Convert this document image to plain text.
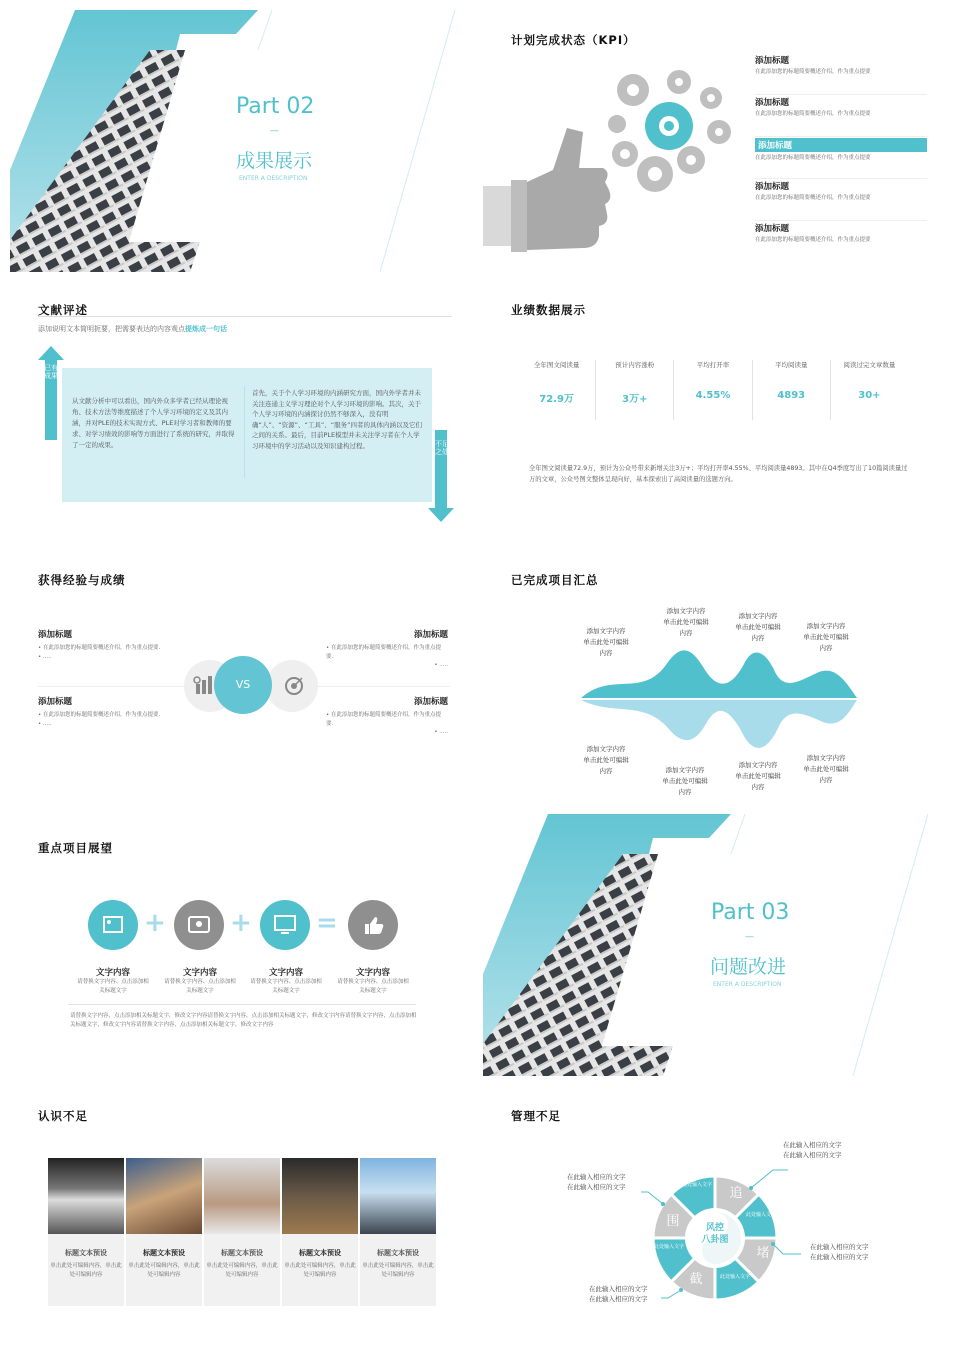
Part 02
—
成果展示
ENTER A DESCRIPTION
计划完成状态（KPI）
添加标题
在此添加您的标题简要概述介绍，作为重点提要
添加标题
在此添加您的标题简要概述介绍，作为重点提要
添加标题
在此添加您的标题简要概述介绍，作为重点提要
添加标题
在此添加您的标题简要概述介绍，作为重点提要
添加标题
在此添加您的标题简要概述介绍，作为重点提要
文献评述
添加说明文本简明扼要，把需要表达的内容观点提炼成一句话
已有成果
不足之处
从文献分析中可以看出，国内外众多学者已经从理论视角、技术方法等维度描述了个人学习环境的定义及其内涵，并对PLE的技术实现方式、PLE对学习者和教师的要求、对学习绩效的影响等方面进行了系统的研究，并取得了一定的成果。
首先，关于个人学习环境的内涵研究方面，国内外学者并未关注连通主义学习理论对个人学习环境的影响。其次，关于个人学习环境的内涵探讨仍然不够深入，没有明确“人”、“资源”、“工具”、“服务”四者的具体内涵以及它们之间的关系。最后，目前PLE模型并未关注学习者在个人学习环境中的学习活动以及知识建构过程。
业绩数据展示
全年图文阅读量
72.9万
预计内容涨粉
3万+
平均打开率
4.55%
平均阅读量
4893
阅读过完文章数量
30+
全年图文阅读量72.9万，预计为公众号带来新增关注3万+；平均打开率4.55%、平均阅读量4893。其中在Q4季度写出了10篇阅读量过万的文章，公众号图文整体呈现向好，基本探索出了高阅读量的选题方向。
获得经验与成绩
添加标题
• 在此添加您的标题简要概述介绍，作为重点提要.
• .....
添加标题
• 在此添加您的标题简要概述介绍，作为重点提要.
• .....
添加标题
• 在此添加您的标题简要概述介绍，作为重点提要.
• .....
添加标题
• 在此添加您的标题简要概述介绍，作为重点提要.
• .....
VS
已完成项目汇总
添加文字内容
单击此处可编辑
内容
添加文字内容
单击此处可编辑
内容
添加文字内容
单击此处可编辑
内容
添加文字内容
单击此处可编辑
内容
添加文字内容
单击此处可编辑
内容	添加文字内容
单击此处可编辑
内容
添加文字内容
单击此处可编辑
内容
添加文字内容
单击此处可编辑
内容
重点项目展望
+ + =
文字内容
请替换文字内容、点击添加相关标题文字
文字内容
请替换文字内容、点击添加相关标题文字
文字内容
请替换文字内容、点击添加相关标题文字
文字内容
请替换文字内容、点击添加相关标题文字
请替换文字内容，点击添加相关标题文字，修改文字内容请替换文字内容，点击添加相关标题文字，修改文字内容请替换文字内容，点击添加相关标题文字，修改文字内容请替换文字内容，点击添加相关标题文字，修改文字内容
Part 03
—
问题改进
ENTER A DESCRIPTION
认识不足
标题文本预设
单击此处可编辑内容，单击此处可编辑内容
标题文本预设
单击此处可编辑内容，单击此处可编辑内容
标题文本预设
单击此处可编辑内容，单击此处可编辑内容
标题文本预设
单击此处可编辑内容，单击此处可编辑内容
标题文本预设
单击此处可编辑内容，单击此处可编辑内容
管理不足
风控
八卦图
追
此处输入文字
堵
此处输入文字
截
此处输入文字
围
此处输入文字
在此输入相应的文字
在此输入相应的文字
在此输入相应的文字
在此输入相应的文字
在此输入相应的文字
在此输入相应的文字
在此输入相应的文字
在此输入相应的文字
